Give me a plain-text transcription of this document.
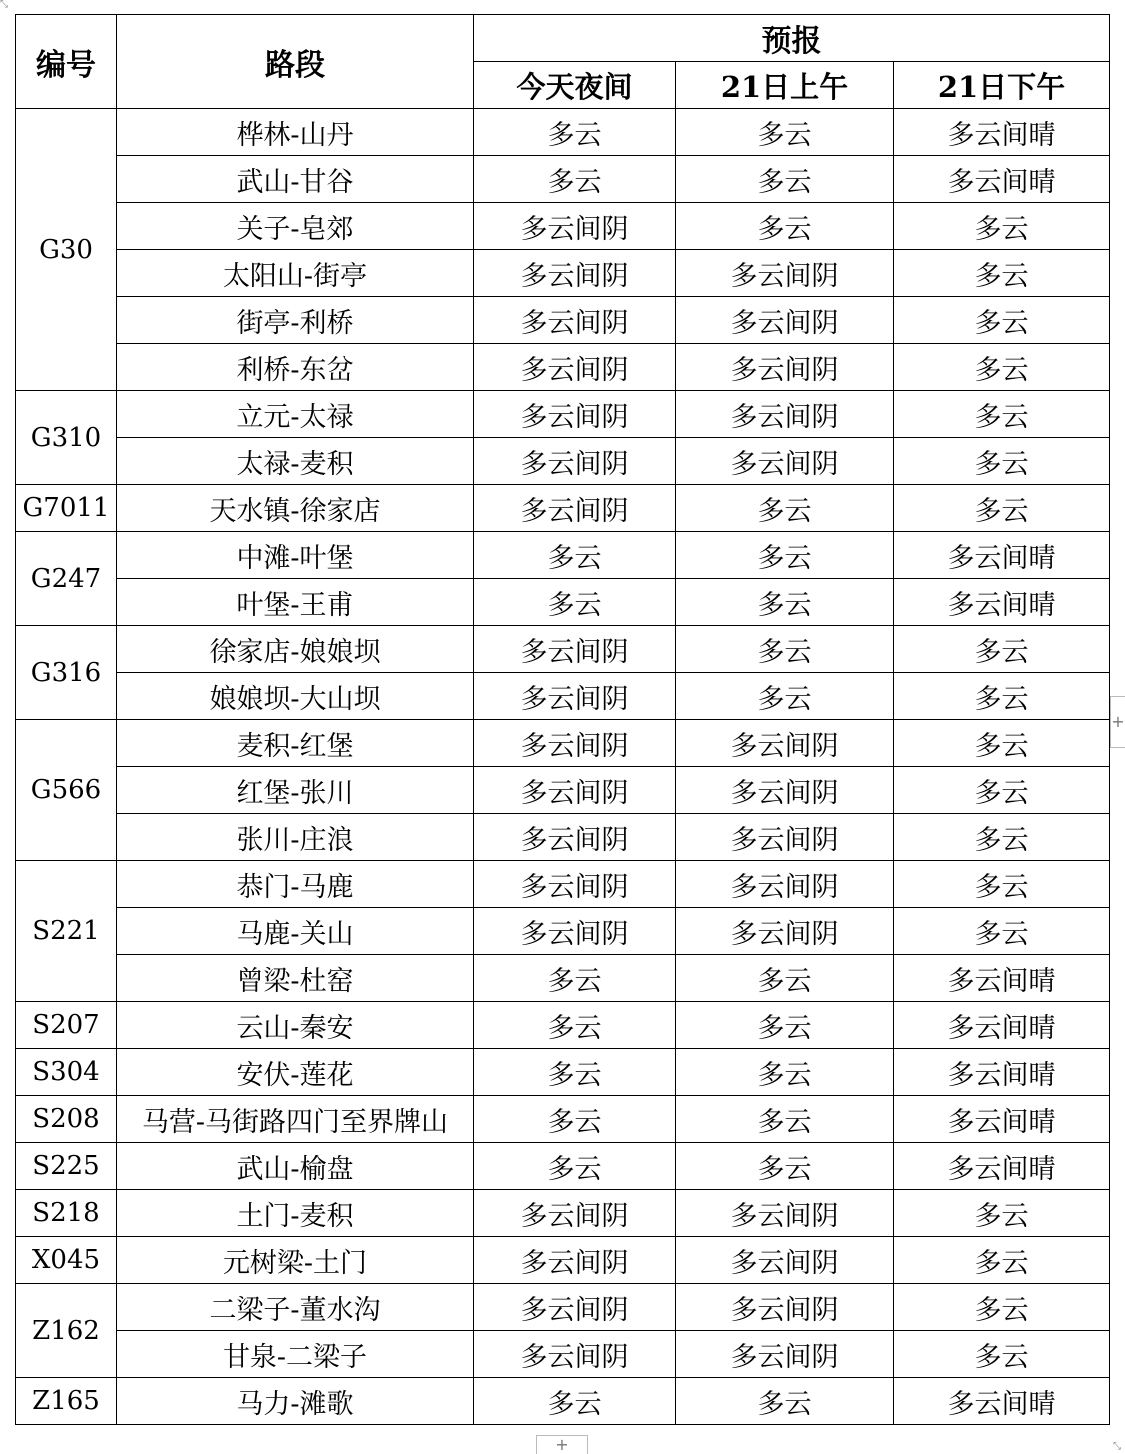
⤡
编号	路段	预报		
		今天夜间	21日上午	21日下午
G30	桦林-山丹	多云	多云	多云间晴
	武山-甘谷	多云	多云	多云间晴
	关子-皂郊	多云间阴	多云	多云
	太阳山-街亭	多云间阴	多云间阴	多云
	街亭-利桥	多云间阴	多云间阴	多云
	利桥-东岔	多云间阴	多云间阴	多云
G310	立元-太禄	多云间阴	多云间阴	多云
	太禄-麦积	多云间阴	多云间阴	多云
G7011	天水镇-徐家店	多云间阴	多云	多云
G247	中滩-叶堡	多云	多云	多云间晴
	叶堡-王甫	多云	多云	多云间晴
G316	徐家店-娘娘坝	多云间阴	多云	多云
	娘娘坝-大山坝	多云间阴	多云	多云
G566	麦积-红堡	多云间阴	多云间阴	多云
	红堡-张川	多云间阴	多云间阴	多云
	张川-庄浪	多云间阴	多云间阴	多云
S221	恭门-马鹿	多云间阴	多云间阴	多云
	马鹿-关山	多云间阴	多云间阴	多云
	曾梁-杜窑	多云	多云	多云间晴
S207	云山-秦安	多云	多云	多云间晴
S304	安伏-莲花	多云	多云	多云间晴
S208	马营-马街路四门至界牌山	多云	多云	多云间晴
S225	武山-榆盘	多云	多云	多云间晴
S218	土门-麦积	多云间阴	多云间阴	多云
X045	元树梁-土门	多云间阴	多云间阴	多云
Z162	二梁子-董水沟	多云间阴	多云间阴	多云
	甘泉-二梁子	多云间阴	多云间阴	多云
Z165	马力-滩歌	多云	多云	多云间晴
+
+	⤡
